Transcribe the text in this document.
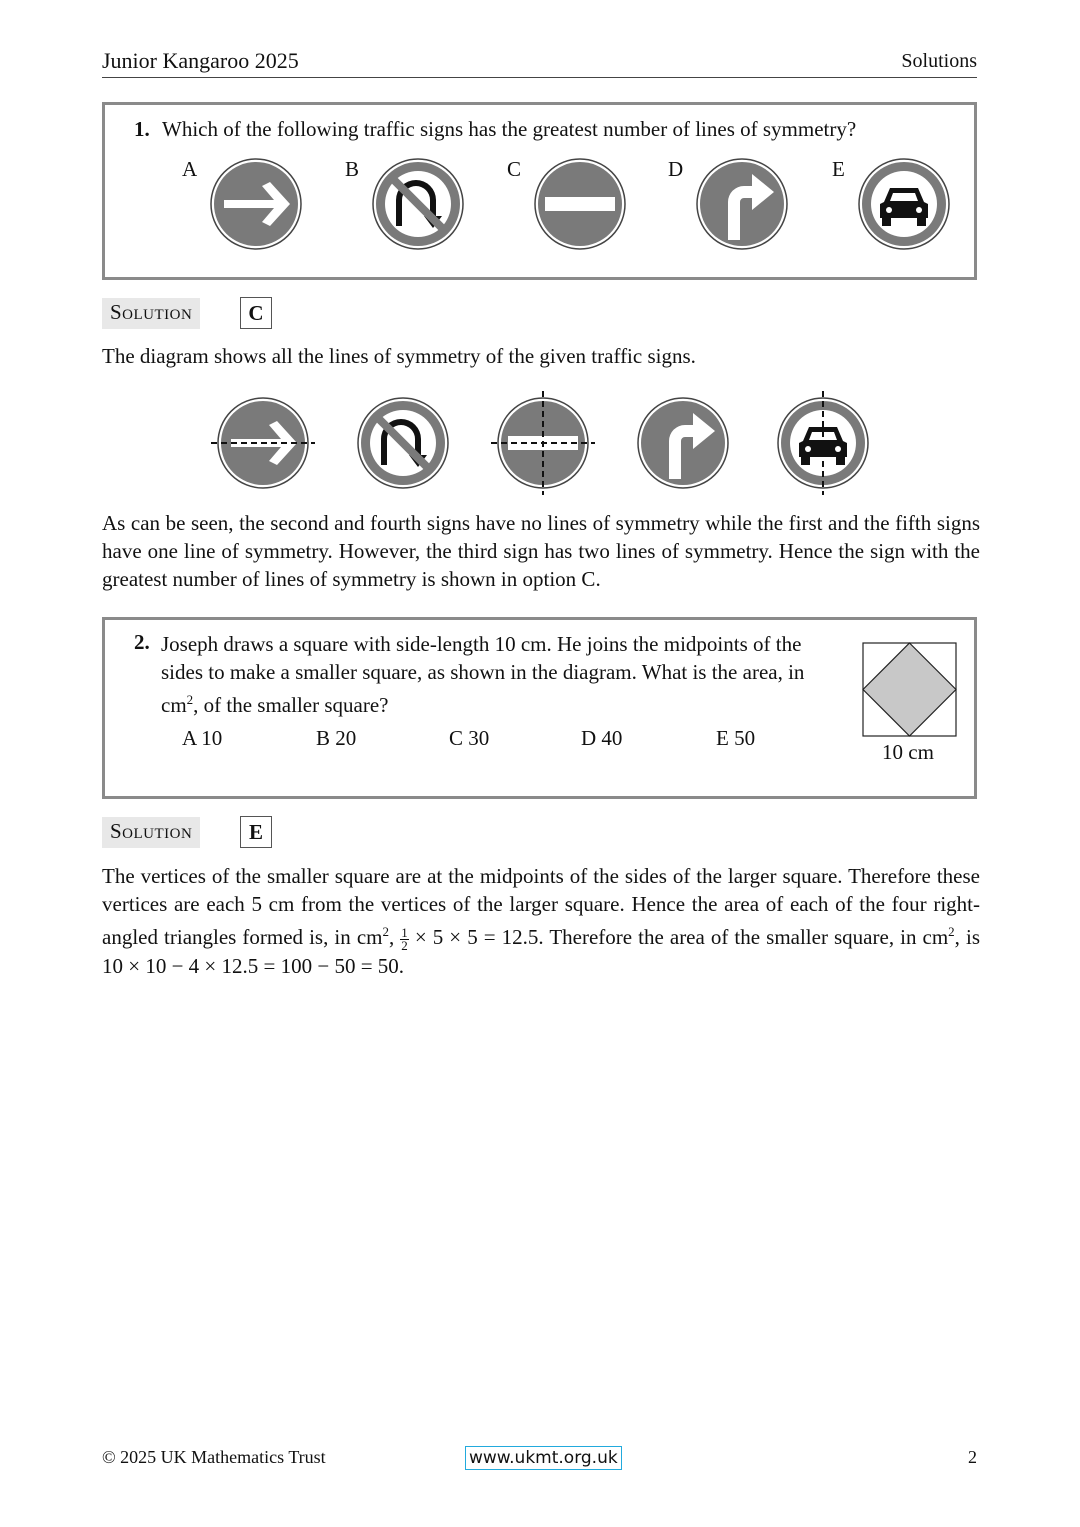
Junior Kangaroo 2025	Solutions
1. Which of the following traffic signs has the greatest number of lines of symmetry?
A	B	C	D	E
Solution	C
The diagram shows all the lines of symmetry of the given traffic signs.
As can be seen, the second and fourth signs have no lines of symmetry while the first and the fifth signs have one line of symmetry. However, the third sign has two lines of symmetry. Hence the sign with the greatest number of lines of symmetry is shown in option C.
2. Joseph draws a square with side-length 10 cm. He joins the midpoints of the sides to make a smaller square, as shown in the diagram. What is the area, in $cm^2$, of the smaller square?
A 10	B 20	C 30	D 40	E 50
10 cm
Solution	E
The vertices of the smaller square are at the midpoints of the sides of the larger square. Therefore these vertices are each 5 cm from the vertices of the larger square. Hence the area of each of the four right-angled triangles formed is, in $cm^2$, $\frac{1}{2} \times 5 \times 5 = 12.5$. Therefore the area of the smaller square, in $cm^2$, is 10 × 10 − 4 × 12.5 = 100 − 50 = 50.
© 2025 UK Mathematics Trust	www.ukmt.org.uk	2
